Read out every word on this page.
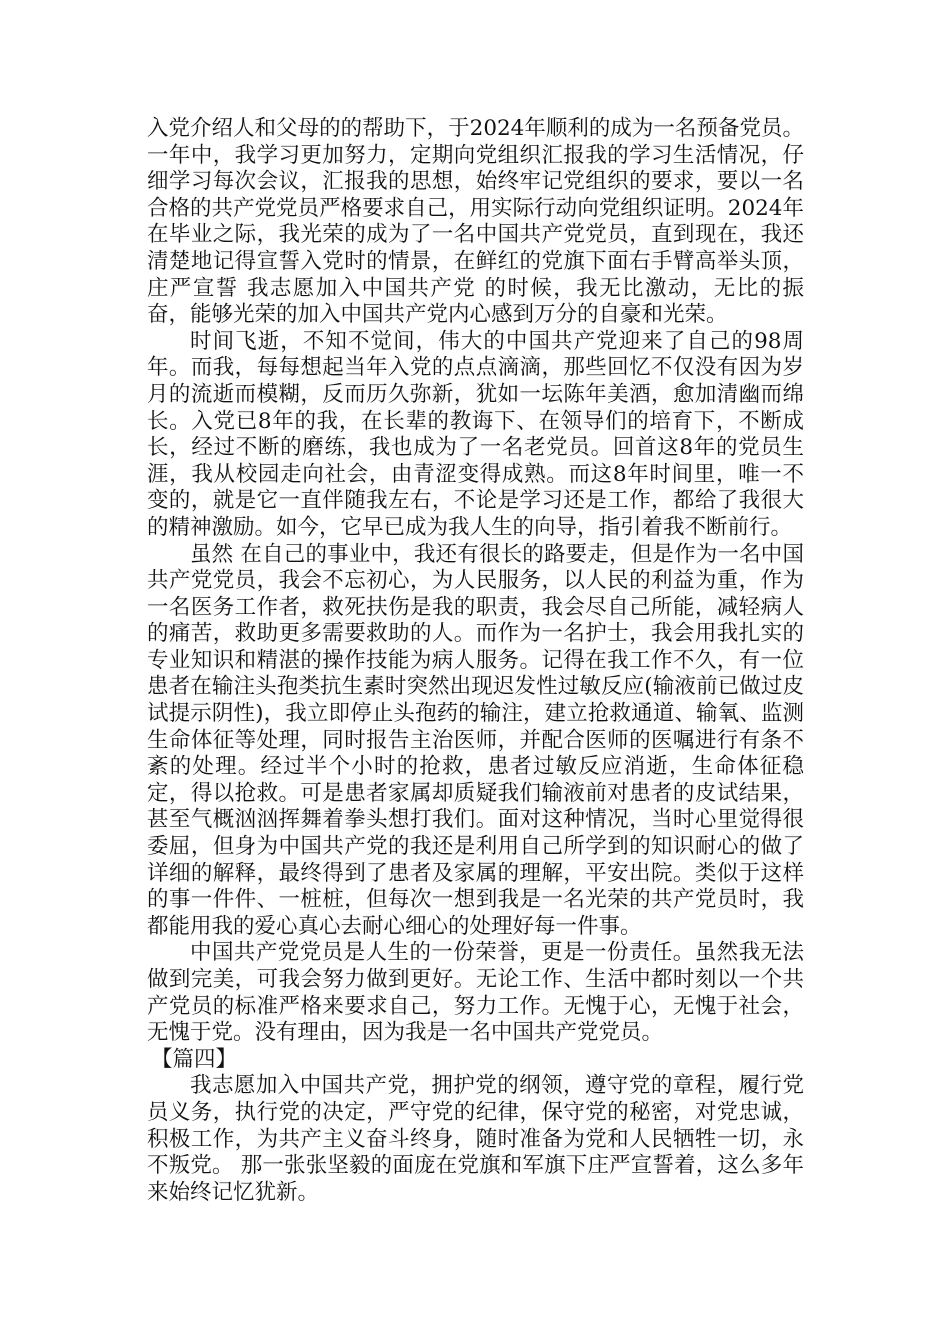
入党介绍人和父母的的帮助下，于2024年顺利的成为一名预备党员。一年中，我学习更加努力，定期向党组织汇报我的学习生活情况，仔细学习每次会议，汇报我的思想，始终牢记党组织的要求，要以一名合格的共产党党员严格要求自己，用实际行动向党组织证明。2024年在毕业之际，我光荣的成为了一名中国共产党党员，直到现在，我还清楚地记得宣誓入党时的情景，在鲜红的党旗下面右手臂高举头顶，庄严宣誓 我志愿加入中国共产党 的时候，我无比激动，无比的振奋，能够光荣的加入中国共产党内心感到万分的自豪和光荣。

时间飞逝，不知不觉间，伟大的中国共产党迎来了自己的98周年。而我，每每想起当年入党的点点滴滴，那些回忆不仅没有因为岁月的流逝而模糊，反而历久弥新，犹如一坛陈年美酒，愈加清幽而绵长。入党已8年的我，在长辈的教诲下、在领导们的培育下，不断成长，经过不断的磨练，我也成为了一名老党员。回首这8年的党员生涯，我从校园走向社会，由青涩变得成熟。而这8年时间里，唯一不变的，就是它一直伴随我左右，不论是学习还是工作，都给了我很大的精神激励。如今，它早已成为我人生的向导，指引着我不断前行。

虽然 在自己的事业中，我还有很长的路要走，但是作为一名中国共产党党员，我会不忘初心，为人民服务，以人民的利益为重，作为一名医务工作者，救死扶伤是我的职责，我会尽自己所能，减轻病人的痛苦，救助更多需要救助的人。而作为一名护士，我会用我扎实的专业知识和精湛的操作技能为病人服务。记得在我工作不久，有一位患者在输注头孢类抗生素时突然出现迟发性过敏反应(输液前已做过皮试提示阴性)，我立即停止头孢药的输注，建立抢救通道、输氧、监测生命体征等处理，同时报告主治医师，并配合医师的医嘱进行有条不紊的处理。经过半个小时的抢救，患者过敏反应消逝，生命体征稳定，得以抢救。可是患者家属却质疑我们输液前对患者的皮试结果，甚至气概汹汹挥舞着拳头想打我们。面对这种情况，当时心里觉得很委屈，但身为中国共产党的我还是利用自己所学到的知识耐心的做了详细的解释，最终得到了患者及家属的理解，平安出院。类似于这样的事一件件、一桩桩，但每次一想到我是一名光荣的共产党员时，我都能用我的爱心真心去耐心细心的处理好每一件事。

中国共产党党员是人生的一份荣誉，更是一份责任。虽然我无法做到完美，可我会努力做到更好。无论工作、生活中都时刻以一个共产党员的标准严格来要求自己，努力工作。无愧于心，无愧于社会，无愧于党。没有理由，因为我是一名中国共产党党员。

【篇四】

我志愿加入中国共产党，拥护党的纲领，遵守党的章程，履行党员义务，执行党的决定，严守党的纪律，保守党的秘密，对党忠诚，积极工作，为共产主义奋斗终身，随时准备为党和人民牺牲一切，永不叛党。 那一张张坚毅的面庞在党旗和军旗下庄严宣誓着，这么多年来始终记忆犹新。
